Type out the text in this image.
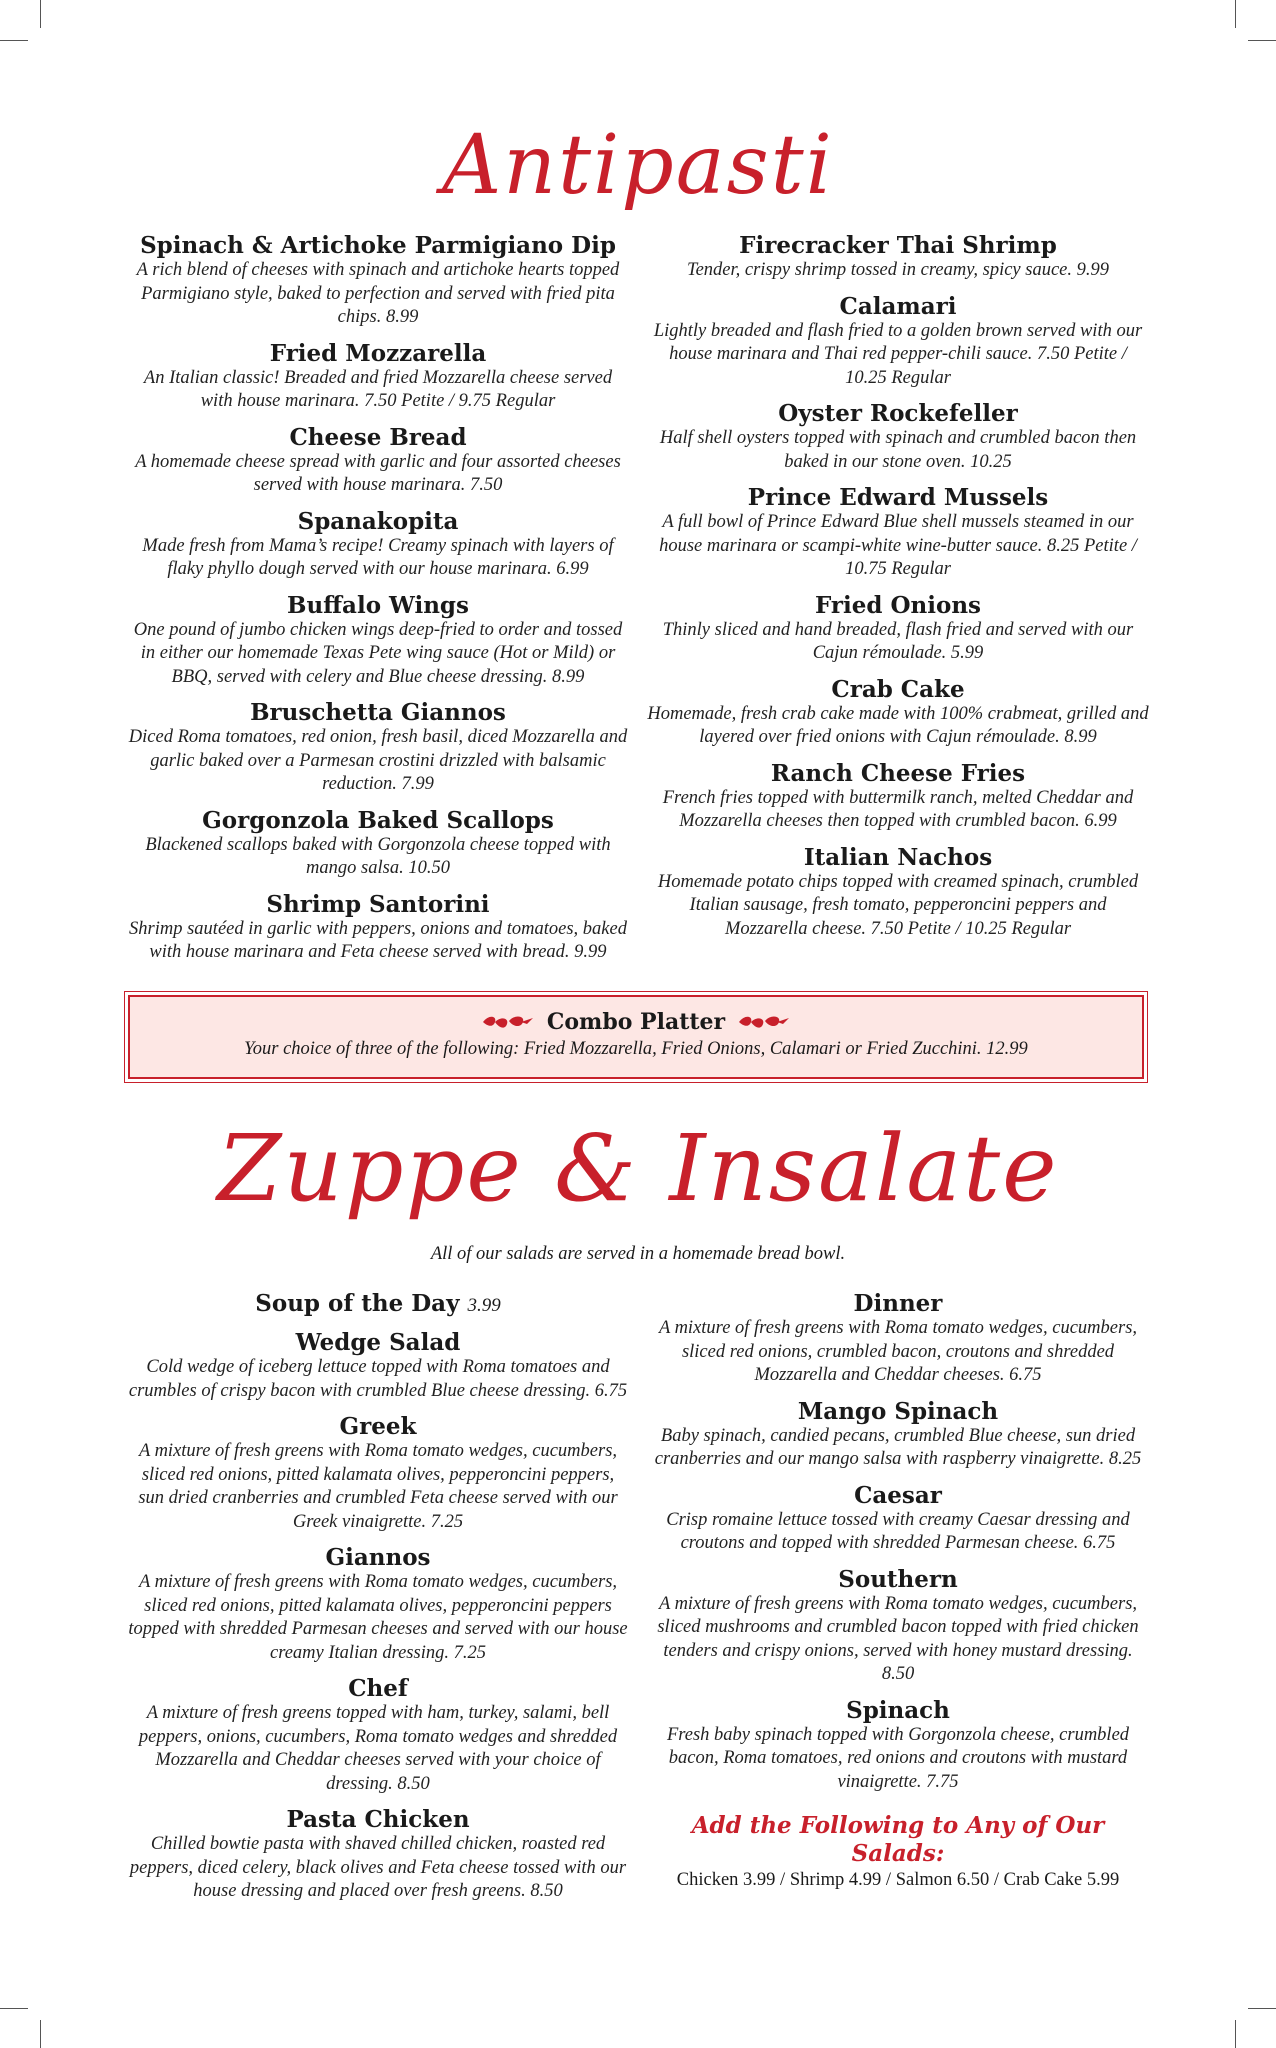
Antipasti
Spinach & Artichoke Parmigiano Dip
A rich blend of cheeses with spinach and artichoke hearts topped Parmigiano style, baked to perfection and served with fried pita chips. 8.99
Fried Mozzarella
An Italian classic! Breaded and fried Mozzarella cheese served with house marinara. 7.50 Petite / 9.75 Regular
Cheese Bread
A homemade cheese spread with garlic and four assorted cheeses served with house marinara. 7.50
Spanakopita
Made fresh from Mama’s recipe! Creamy spinach with layers of flaky phyllo dough served with our house marinara. 6.99
Buffalo Wings
One pound of jumbo chicken wings deep-fried to order and tossed in either our homemade Texas Pete wing sauce (Hot or Mild) or BBQ, served with celery and Blue cheese dressing. 8.99
Bruschetta Giannos
Diced Roma tomatoes, red onion, fresh basil, diced Mozzarella and garlic baked over a Parmesan crostini drizzled with balsamic reduction. 7.99
Gorgonzola Baked Scallops
Blackened scallops baked with Gorgonzola cheese topped with mango salsa. 10.50
Shrimp Santorini
Shrimp sautéed in garlic with peppers, onions and tomatoes, baked with house marinara and Feta cheese served with bread. 9.99
Firecracker Thai Shrimp
Tender, crispy shrimp tossed in creamy, spicy sauce. 9.99
Calamari
Lightly breaded and flash fried to a golden brown served with our house marinara and Thai red pepper-chili sauce. 7.50 Petite / 10.25 Regular
Oyster Rockefeller
Half shell oysters topped with spinach and crumbled bacon then baked in our stone oven. 10.25
Prince Edward Mussels
A full bowl of Prince Edward Blue shell mussels steamed in our house marinara or scampi-white wine-butter sauce. 8.25 Petite / 10.75 Regular
Fried Onions
Thinly sliced and hand breaded, flash fried and served with our Cajun rémoulade. 5.99
Crab Cake
Homemade, fresh crab cake made with 100% crabmeat, grilled and layered over fried onions with Cajun rémoulade. 8.99
Ranch Cheese Fries
French fries topped with buttermilk ranch, melted Cheddar and Mozzarella cheeses then topped with crumbled bacon. 6.99
Italian Nachos
Homemade potato chips topped with creamed spinach, crumbled Italian sausage, fresh tomato, pepperoncini peppers and Mozzarella cheese. 7.50 Petite / 10.25 Regular
Combo Platter
Your choice of three of the following: Fried Mozzarella, Fried Onions, Calamari or Fried Zucchini. 12.99
Zuppe & Insalate
All of our salads are served in a homemade bread bowl.
Soup of the Day 3.99
Wedge Salad
Cold wedge of iceberg lettuce topped with Roma tomatoes and crumbles of crispy bacon with crumbled Blue cheese dressing. 6.75
Greek
A mixture of fresh greens with Roma tomato wedges, cucumbers, sliced red onions, pitted kalamata olives, pepperoncini peppers, sun dried cranberries and crumbled Feta cheese served with our Greek vinaigrette. 7.25
Giannos
A mixture of fresh greens with Roma tomato wedges, cucumbers, sliced red onions, pitted kalamata olives, pepperoncini peppers topped with shredded Parmesan cheeses and served with our house creamy Italian dressing. 7.25
Chef
A mixture of fresh greens topped with ham, turkey, salami, bell peppers, onions, cucumbers, Roma tomato wedges and shredded Mozzarella and Cheddar cheeses served with your choice of dressing. 8.50
Pasta Chicken
Chilled bowtie pasta with shaved chilled chicken, roasted red peppers, diced celery, black olives and Feta cheese tossed with our house dressing and placed over fresh greens. 8.50
Dinner
A mixture of fresh greens with Roma tomato wedges, cucumbers, sliced red onions, crumbled bacon, croutons and shredded Mozzarella and Cheddar cheeses. 6.75
Mango Spinach
Baby spinach, candied pecans, crumbled Blue cheese, sun dried cranberries and our mango salsa with raspberry vinaigrette. 8.25
Caesar
Crisp romaine lettuce tossed with creamy Caesar dressing and croutons and topped with shredded Parmesan cheese. 6.75
Southern
A mixture of fresh greens with Roma tomato wedges, cucumbers, sliced mushrooms and crumbled bacon topped with fried chicken tenders and crispy onions, served with honey mustard dressing. 8.50
Spinach
Fresh baby spinach topped with Gorgonzola cheese, crumbled bacon, Roma tomatoes, red onions and croutons with mustard vinaigrette. 7.75
Add the Following to Any of Our Salads:
Chicken 3.99 / Shrimp 4.99 / Salmon 6.50 / Crab Cake 5.99
